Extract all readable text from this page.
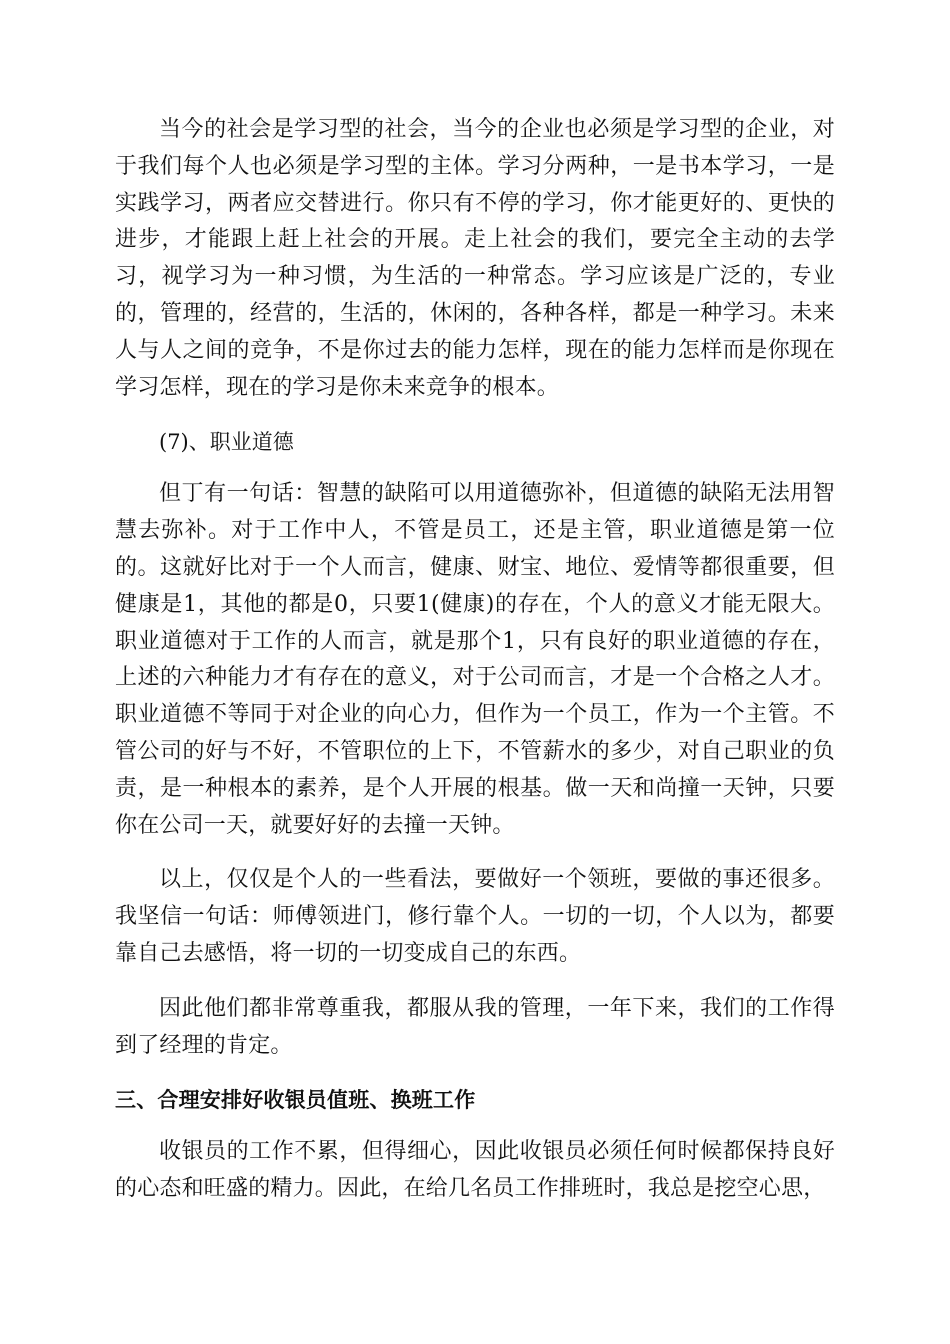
当今的社会是学习型的社会，当今的企业也必须是学习型的企业，对于我们每个人也必须是学习型的主体。学习分两种，一是书本学习，一是实践学习，两者应交替进行。你只有不停的学习，你才能更好的、更快的进步，才能跟上赶上社会的开展。走上社会的我们，要完全主动的去学习，视学习为一种习惯，为生活的一种常态。学习应该是广泛的，专业的，管理的，经营的，生活的，休闲的，各种各样，都是一种学习。未来人与人之间的竞争，不是你过去的能力怎样，现在的能力怎样而是你现在学习怎样，现在的学习是你未来竞争的根本。

(7)、职业道德

但丁有一句话：智慧的缺陷可以用道德弥补，但道德的缺陷无法用智慧去弥补。对于工作中人，不管是员工，还是主管，职业道德是第一位的。这就好比对于一个人而言，健康、财宝、地位、爱情等都很重要，但健康是1，其他的都是0，只要1(健康)的存在，个人的意义才能无限大。职业道德对于工作的人而言，就是那个1，只有良好的职业道德的存在，上述的六种能力才有存在的意义，对于公司而言，才是一个合格之人才。职业道德不等同于对企业的向心力，但作为一个员工，作为一个主管。不管公司的好与不好，不管职位的上下，不管薪水的多少，对自己职业的负责，是一种根本的素养，是个人开展的根基。做一天和尚撞一天钟，只要你在公司一天，就要好好的去撞一天钟。

以上，仅仅是个人的一些看法，要做好一个领班，要做的事还很多。我坚信一句话：师傅领进门，修行靠个人。一切的一切，个人以为，都要靠自己去感悟，将一切的一切变成自己的东西。

因此他们都非常尊重我，都服从我的管理，一年下来，我们的工作得到了经理的肯定。

三、合理安排好收银员值班、换班工作

收银员的工作不累，但得细心，因此收银员必须任何时候都保持良好的心态和旺盛的精力。因此，在给几名员工作排班时，我总是挖空心思，
